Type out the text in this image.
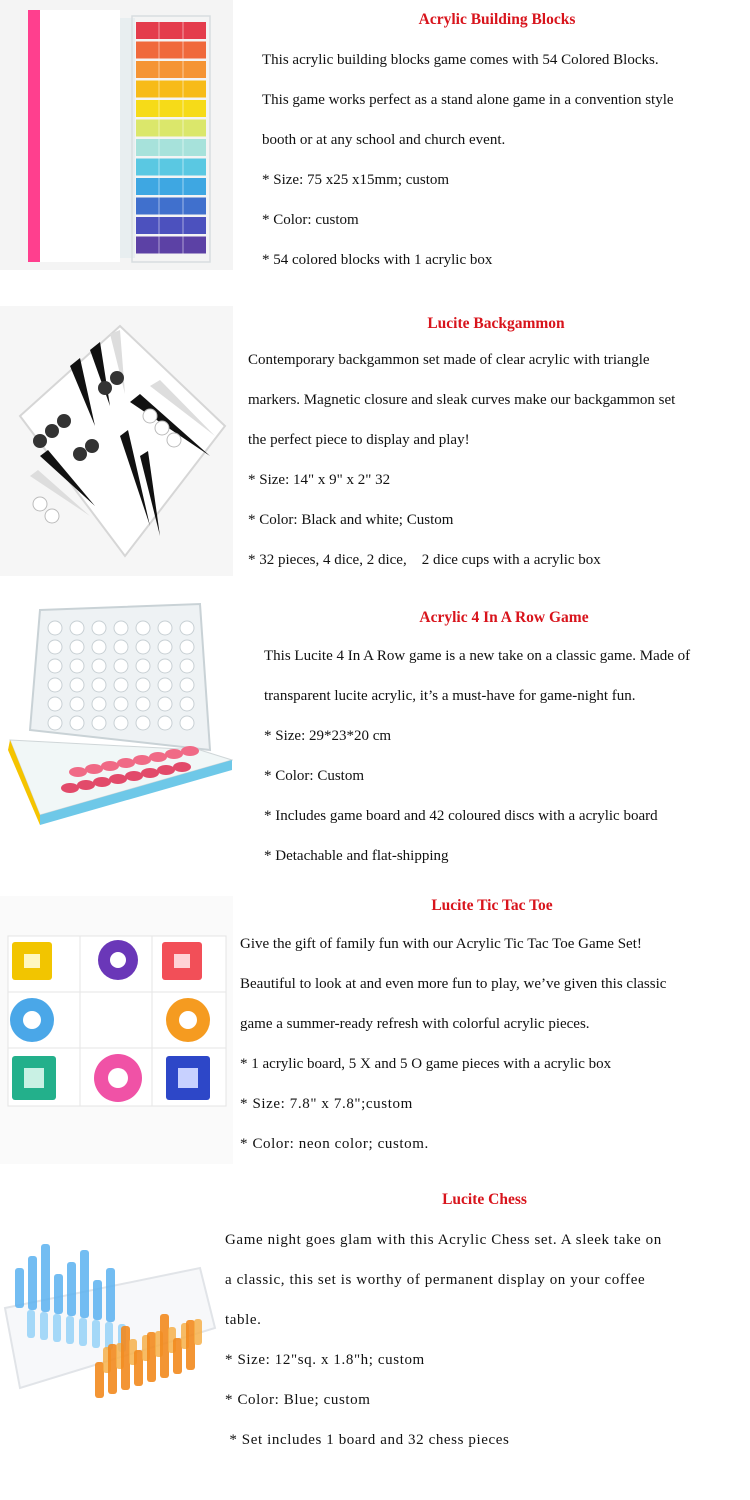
Acrylic Building Blocks

This acrylic building blocks game comes with 54 Colored Blocks.

This game works perfect as a stand alone game in a convention style

booth or at any school and church event.

* Size: 75 x25 x15mm; custom

* Color: custom

* 54 colored blocks with 1 acrylic box

Lucite Backgammon

Contemporary backgammon set made of clear acrylic with triangle

markers. Magnetic closure and sleak curves make our backgammon set

the perfect piece to display and play!

* Size: 14" x 9" x 2" 32

* Color: Black and white; Custom

* 32 pieces, 4 dice, 2 dice,    2 dice cups with a acrylic box

Acrylic 4 In A Row Game

This Lucite 4 In A Row game is a new take on a classic game. Made of

transparent lucite acrylic, it’s a must-have for game-night fun.

* Size: 29*23*20 cm

* Color: Custom

* Includes game board and 42 coloured discs with a acrylic board

* Detachable and flat-shipping

Lucite Tic Tac Toe

Give the gift of family fun with our Acrylic Tic Tac Toe Game Set!

Beautiful to look at and even more fun to play, we’ve given this classic

game a summer-ready refresh with colorful acrylic pieces.

* 1 acrylic board, 5 X and 5 O game pieces with a acrylic box

* Size: 7.8" x 7.8";custom

* Color: neon color; custom.

Lucite Chess

Game night goes glam with this Acrylic Chess set. A sleek take on

a classic, this set is worthy of permanent display on your coffee

table.

* Size: 12"sq. x 1.8"h; custom

* Color: Blue; custom

* Set includes 1 board and 32 chess pieces
